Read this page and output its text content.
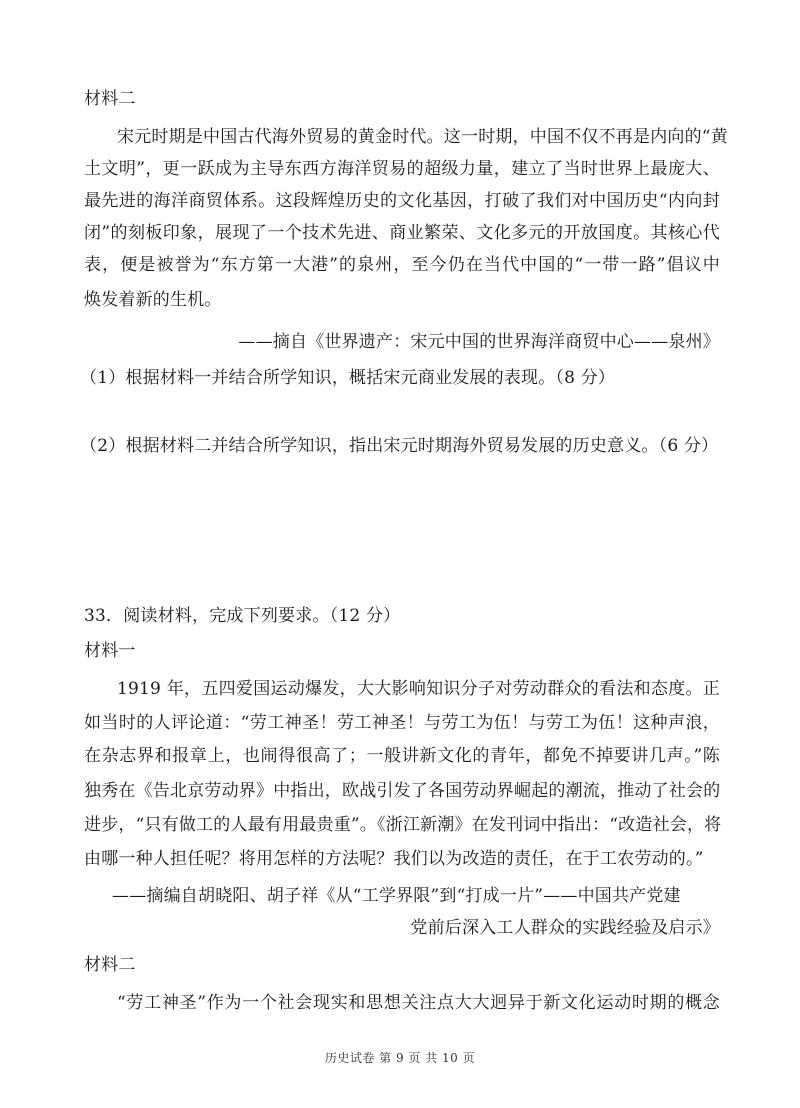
材料二
宋元时期是中国古代海外贸易的黄金时代。这一时期，中国不仅不再是内向的“黄
土文明”，更一跃成为主导东西方海洋贸易的超级力量，建立了当时世界上最庞大、
最先进的海洋商贸体系。这段辉煌历史的文化基因，打破了我们对中国历史“内向封
闭”的刻板印象，展现了一个技术先进、商业繁荣、文化多元的开放国度。其核心代
表，便是被誉为“东方第一大港”的泉州，至今仍在当代中国的“一带一路”倡议中
焕发着新的生机。
——摘自《世界遗产：宋元中国的世界海洋商贸中心——泉州》
（1）根据材料一并结合所学知识，概括宋元商业发展的表现。（8 分）
（2）根据材料二并结合所学知识，指出宋元时期海外贸易发展的历史意义。（6 分）
33．阅读材料，完成下列要求。（12 分）
材料一
1919 年，五四爱国运动爆发，大大影响知识分子对劳动群众的看法和态度。正
如当时的人评论道：“劳工神圣！劳工神圣！与劳工为伍！与劳工为伍！这种声浪，
在杂志界和报章上，也闹得很高了；一般讲新文化的青年，都免不掉要讲几声。”陈
独秀在《告北京劳动界》中指出，欧战引发了各国劳动界崛起的潮流，推动了社会的
进步，“只有做工的人最有用最贵重”。《浙江新潮》在发刊词中指出：“改造社会，将
由哪一种人担任呢？将用怎样的方法呢？我们以为改造的责任，在于工农劳动的。”
——摘编自胡晓阳、胡子祥《从“工学界限”到“打成一片”——中国共产党建
党前后深入工人群众的实践经验及启示》
材料二
“劳工神圣”作为一个社会现实和思想关注点大大迥异于新文化运动时期的概念
历史试卷 第 9 页 共 10 页
